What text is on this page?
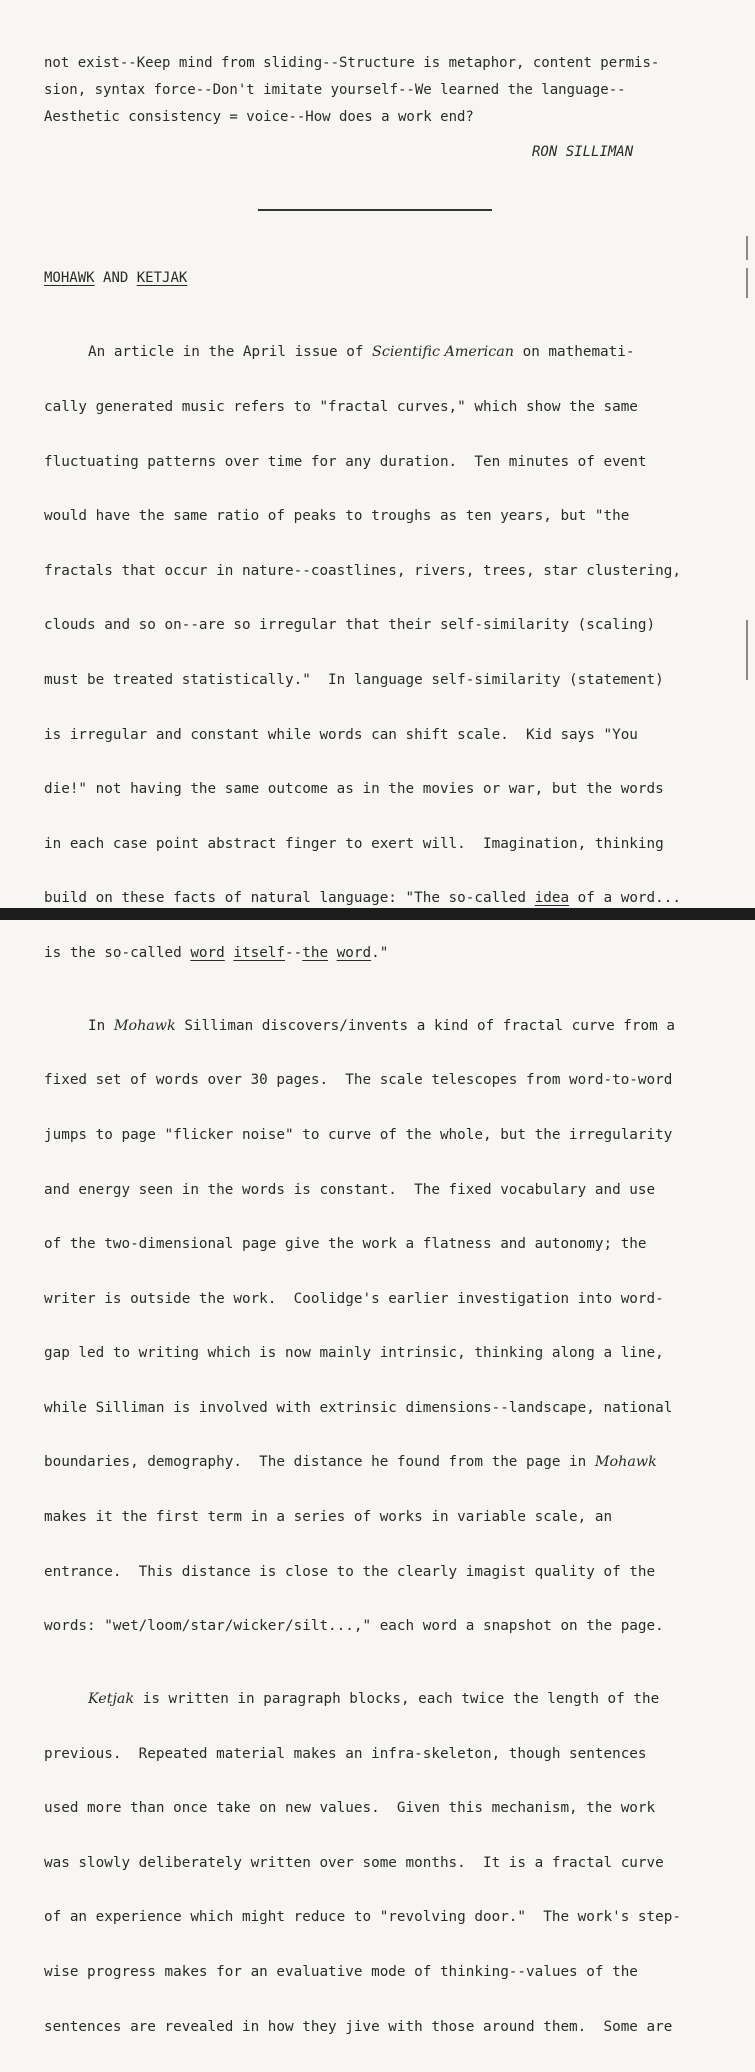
not exist--Keep mind from sliding--Structure is metaphor, content permis-
sion, syntax force--Don't imitate yourself--We learned the language--
Aesthetic consistency = voice--How does a work end?
RON SILLIMAN
MOHAWK AND KETJAK

An article in the April issue of Scientific American on mathemati-

cally generated music refers to "fractal curves," which show the same

fluctuating patterns over time for any duration.  Ten minutes of event

would have the same ratio of peaks to troughs as ten years, but "the

fractals that occur in nature--coastlines, rivers, trees, star clustering,

clouds and so on--are so irregular that their self-similarity (scaling)

must be treated statistically."  In language self-similarity (statement)

is irregular and constant while words can shift scale.  Kid says "You

die!" not having the same outcome as in the movies or war, but the words

in each case point abstract finger to exert will.  Imagination, thinking

build on these facts of natural language: "The so-called idea of a word...

is the so-called word itself--the word."

In Mohawk Silliman discovers/invents a kind of fractal curve from a

fixed set of words over 30 pages.  The scale telescopes from word-to-word

jumps to page "flicker noise" to curve of the whole, but the irregularity

and energy seen in the words is constant.  The fixed vocabulary and use

of the two-dimensional page give the work a flatness and autonomy; the

writer is outside the work.  Coolidge's earlier investigation into word-

gap led to writing which is now mainly intrinsic, thinking along a line,

while Silliman is involved with extrinsic dimensions--landscape, national

boundaries, demography.  The distance he found from the page in Mohawk

makes it the first term in a series of works in variable scale, an

entrance.  This distance is close to the clearly imagist quality of the

words: "wet/loom/star/wicker/silt...," each word a snapshot on the page.

Ketjak is written in paragraph blocks, each twice the length of the

previous.  Repeated material makes an infra-skeleton, though sentences

used more than once take on new values.  Given this mechanism, the work

was slowly deliberately written over some months.  It is a fractal curve

of an experience which might reduce to "revolving door."  The work's step-

wise progress makes for an evaluative mode of thinking--values of the

sentences are revealed in how they jive with those around them.  Some are
